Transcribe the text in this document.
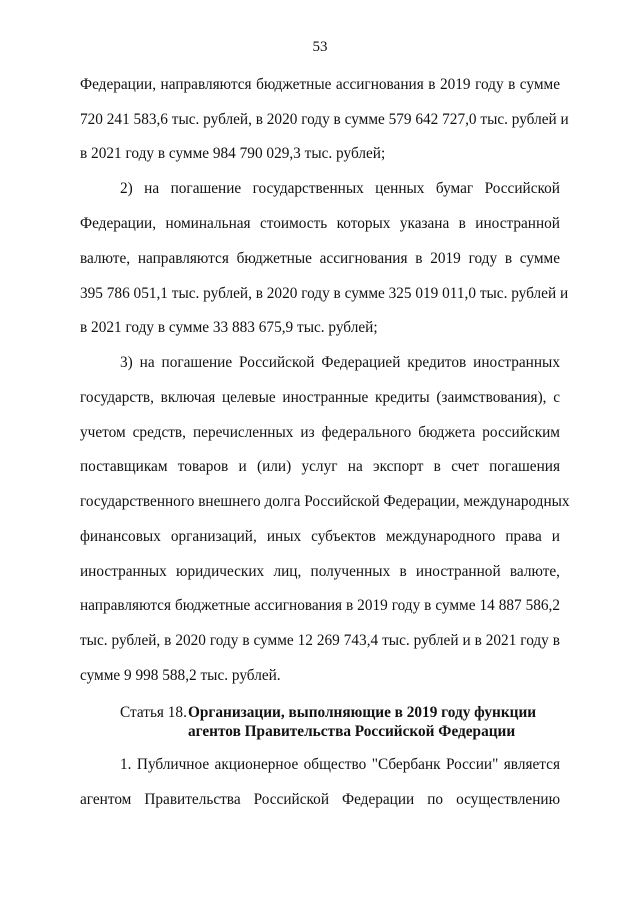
53
Федерации, направляются бюджетные ассигнования в 2019 году в сумме
720 241 583,6 тыс. рублей, в 2020 году в сумме 579 642 727,0 тыс. рублей и
в 2021 году в сумме 984 790 029,3 тыс. рублей;
2) на погашение государственных ценных бумаг Российской
Федерации, номинальная стоимость которых указана в иностранной
валюте, направляются бюджетные ассигнования в 2019 году в сумме
395 786 051,1 тыс. рублей, в 2020 году в сумме 325 019 011,0 тыс. рублей и
в 2021 году в сумме 33 883 675,9 тыс. рублей;
3) на погашение Российской Федерацией кредитов иностранных
государств, включая целевые иностранные кредиты (заимствования), с
учетом средств, перечисленных из федерального бюджета российским
поставщикам товаров и (или) услуг на экспорт в счет погашения
государственного внешнего долга Российской Федерации, международных
финансовых организаций, иных субъектов международного права и
иностранных юридических лиц, полученных в иностранной валюте,
направляются бюджетные ассигнования в 2019 году в сумме 14 887 586,2
тыс. рублей, в 2020 году в сумме 12 269 743,4 тыс. рублей и в 2021 году в
сумме 9 998 588,2 тыс. рублей.
Статья 18. Организации, выполняющие в 2019 году функции
агентов Правительства Российской Федерации
1. Публичное акционерное общество "Сбербанк России" является
агентом Правительства Российской Федерации по осуществлению
